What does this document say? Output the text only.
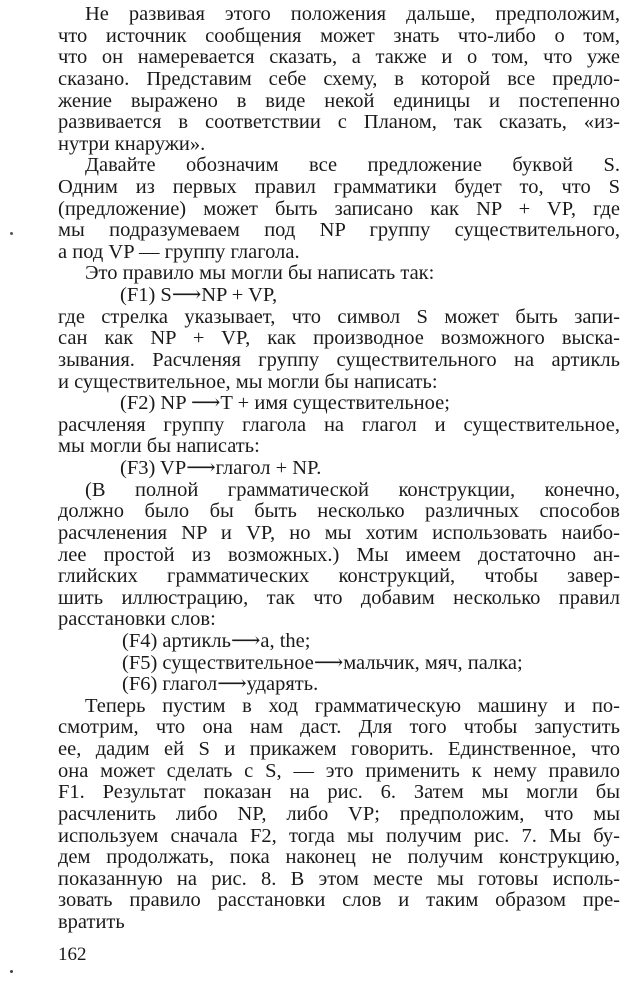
Не развивая этого положения дальше, предположим,
что источник сообщения может знать что-либо о том,
что он намеревается сказать, а также и о том, что уже
сказано. Представим себе схему, в которой все предло-
жение выражено в виде некой единицы и постепенно
развивается в соответствии с Планом, так сказать, «из-
нутри кнаружи».
Давайте обозначим все предложение буквой S.
Одним из первых правил грамматики будет то, что S
(предложение) может быть записано как NP + VP, где
мы подразумеваем под NP группу существительного,
а под VP — группу глагола.
Это правило мы могли бы написать так:
(F1) S⟶NP + VP,
где стрелка указывает, что символ S может быть запи-
сан как NP + VP, как производное возможного выска-
зывания. Расчленяя группу существительного на артикль
и существительное, мы могли бы написать:
(F2) NP ⟶T + имя существительное;
расчленяя группу глагола на глагол и существительное,
мы могли бы написать:
(F3) VP⟶глагол + NP.
(В полной грамматической конструкции, конечно,
должно было бы быть несколько различных способов
расчленения NP и VP, но мы хотим использовать наибо-
лее простой из возможных.) Мы имеем достаточно ан-
глийских грамматических конструкций, чтобы завер-
шить иллюстрацию, так что добавим несколько правил
расстановки слов:
(F4) артикль⟶a, the;
(F5) существительное⟶мальчик, мяч, палка;
(F6) глагол⟶ударять.
Теперь пустим в ход грамматическую машину и по-
смотрим, что она нам даст. Для того чтобы запустить
ее, дадим ей S и прикажем говорить. Единственное, что
она может сделать с S, — это применить к нему правило
F1. Результат показан на рис. 6. Затем мы могли бы
расчленить либо NP, либо VP; предположим, что мы
используем сначала F2, тогда мы получим рис. 7. Мы бу-
дем продолжать, пока наконец не получим конструкцию,
показанную на рис. 8. В этом месте мы готовы исполь-
зовать правило расстановки слов и таким образом пре-
вратить
162
